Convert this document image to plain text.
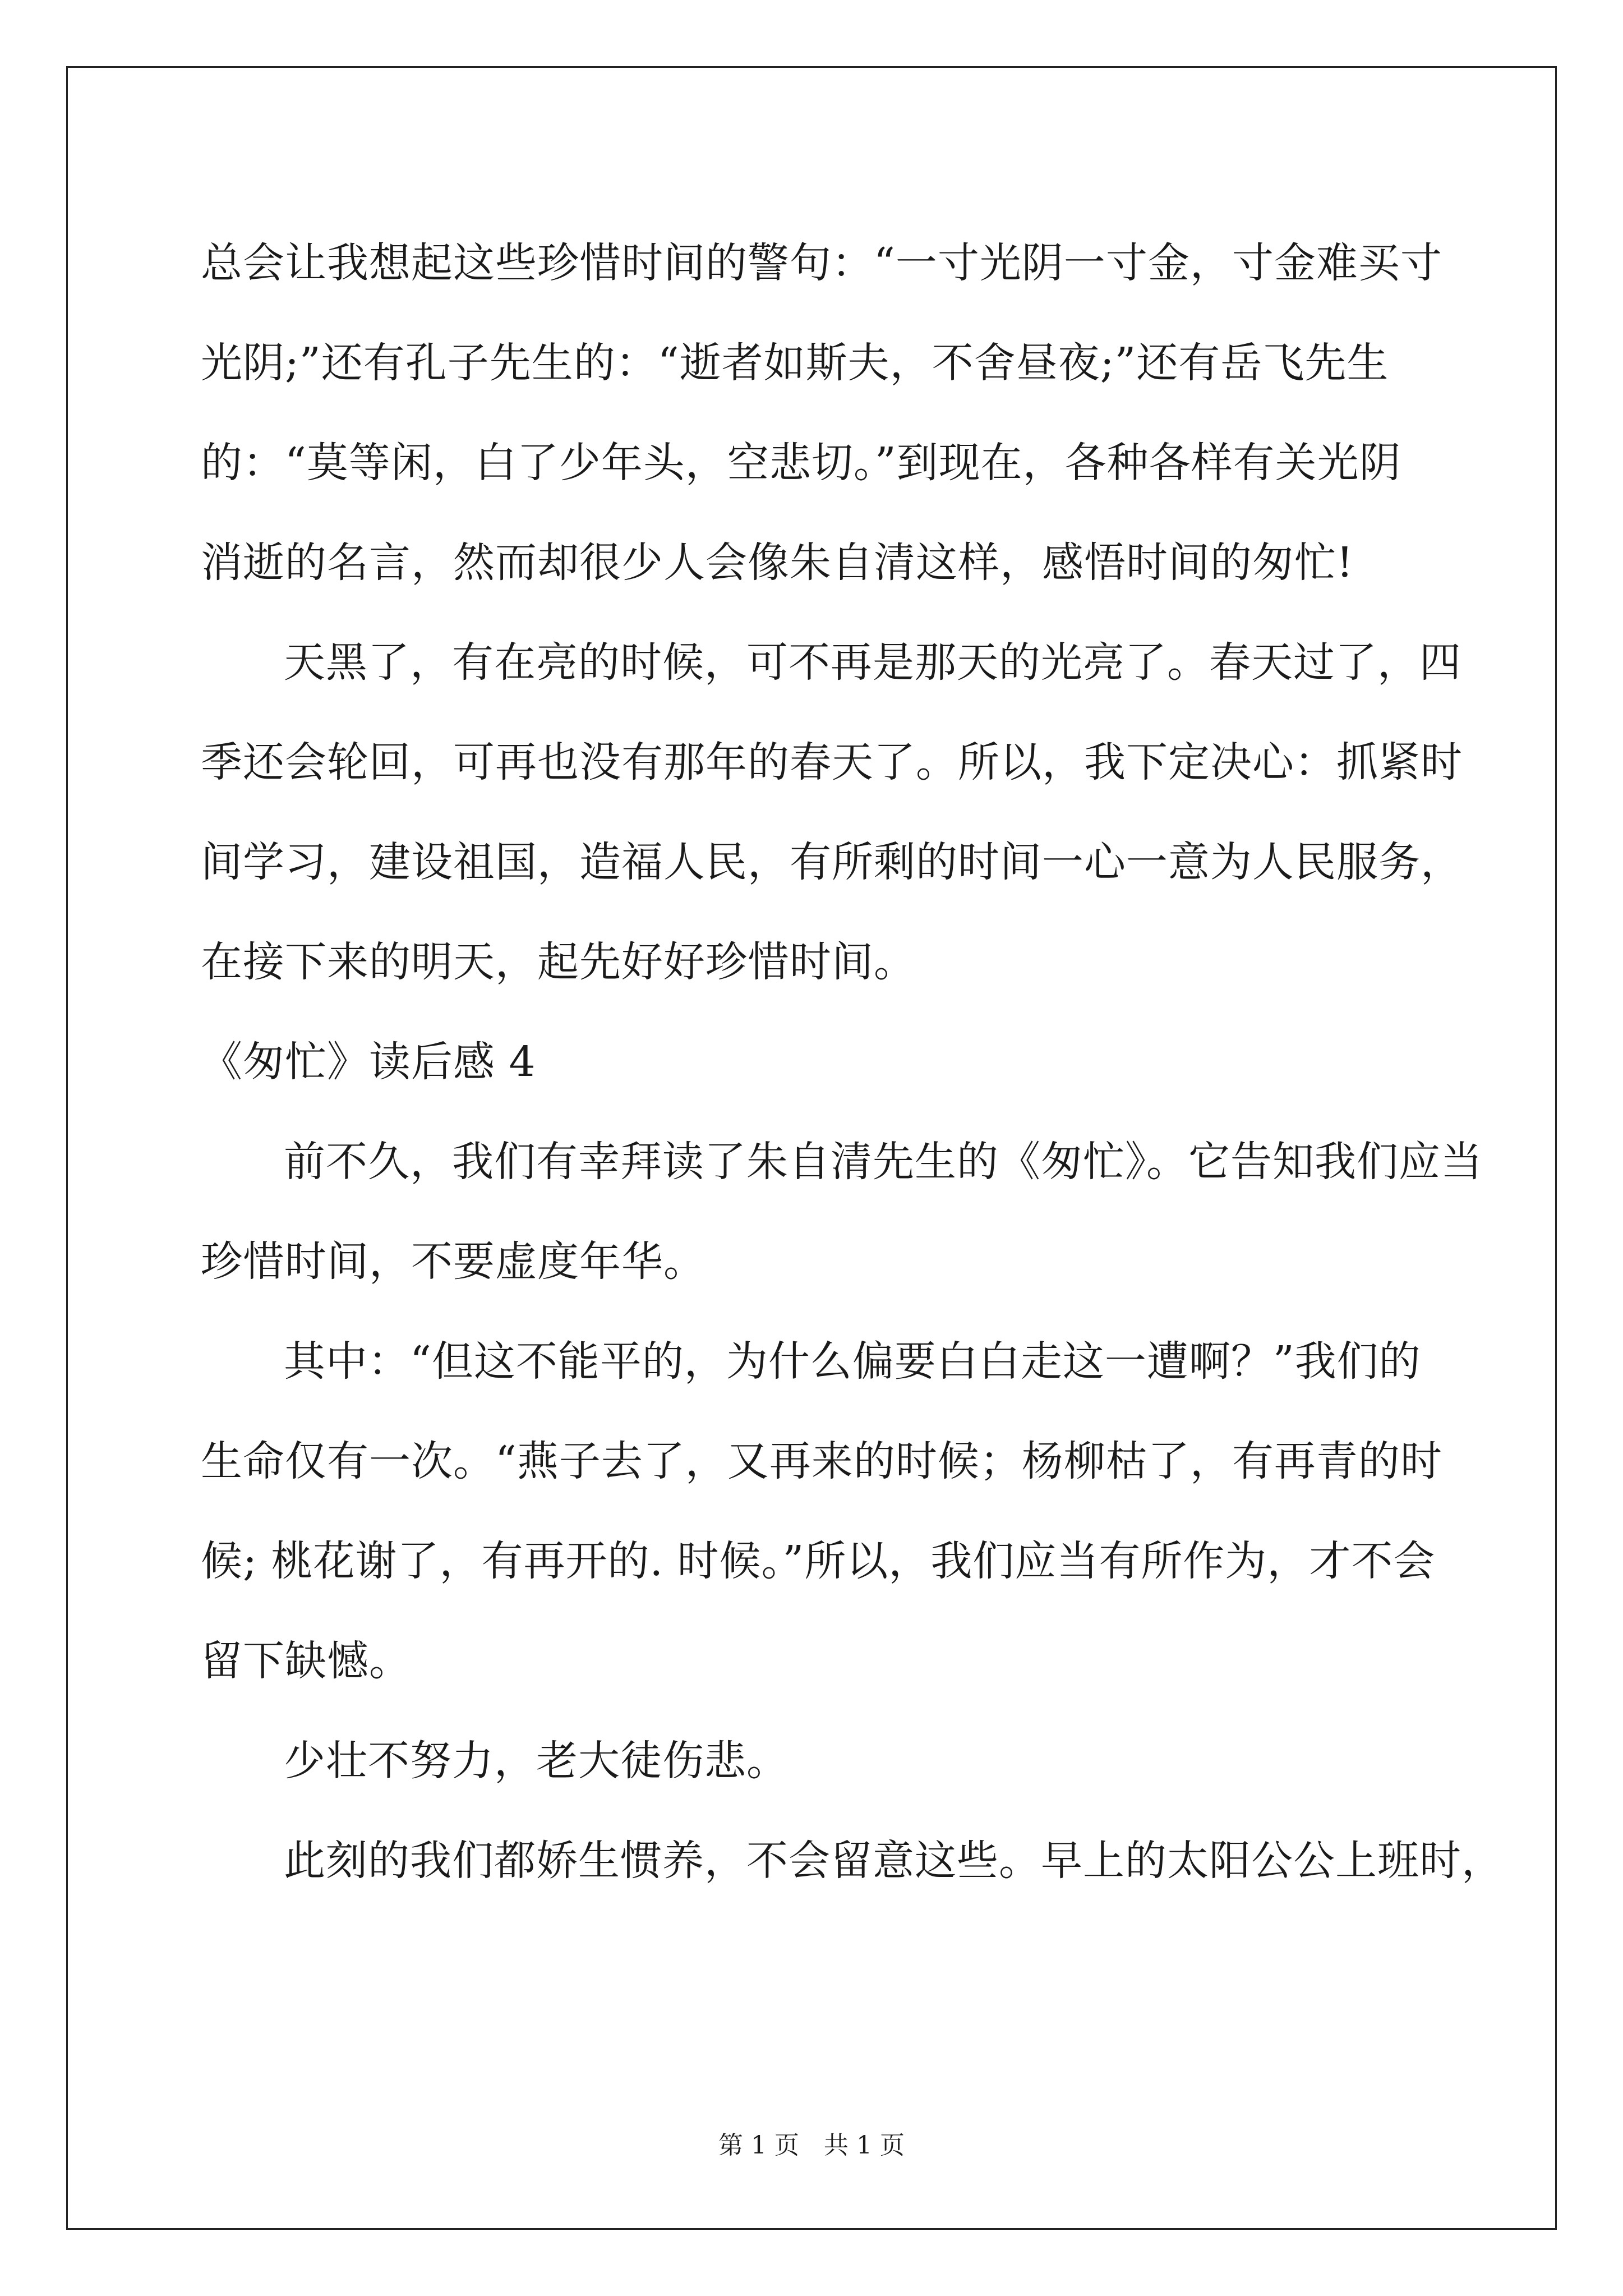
总会让我想起这些珍惜时间的警句：“一寸光阴一寸金，寸金难买寸
光阴;”还有孔子先生的：“逝者如斯夫，不舍昼夜;”还有岳飞先生
的：“莫等闲，白了少年头，空悲切。”到现在，各种各样有关光阴
消逝的名言，然而却很少人会像朱自清这样，感悟时间的匆忙!
天黑了，有在亮的时候，可不再是那天的光亮了。春天过了，四
季还会轮回，可再也没有那年的春天了。所以，我下定决心：抓紧时
间学习，建设祖国，造福人民，有所剩的时间一心一意为人民服务，
在接下来的明天，起先好好珍惜时间。
《匆忙》读后感 4
前不久，我们有幸拜读了朱自清先生的《匆忙》。它告知我们应当
珍惜时间，不要虚度年华。
其中：“但这不能平的，为什么偏要白白走这一遭啊？”我们的
生命仅有一次。“燕子去了，又再来的时候；杨柳枯了，有再青的时
候; 桃花谢了，有再开的. 时候。”所以，我们应当有所作为，才不会
留下缺憾。
少壮不努力，老大徒伤悲。
此刻的我们都娇生惯养，不会留意这些。早上的太阳公公上班时，
第 1 页 共 1 页
